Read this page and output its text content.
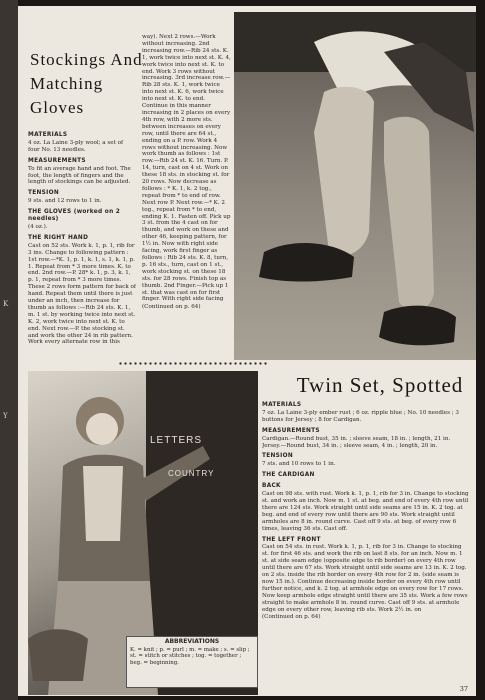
K
Y
Stockings And Matching Gloves
MATERIALS

4 oz. La Laine 3-ply wool; a set of four No. 13 needles.

MEASUREMENTS

To fit an average hand and foot. The foot, the length of fingers and the length of stockings can be adjusted.

TENSION

9 sts. and 12 rows to 1 in.

THE GLOVES (worked on 2 needles)

(4 oz.).

THE RIGHT HAND

Cast on 52 sts. Work k. 1, p. 1, rib for 3 ins. Change to following pattern : 1st row.—*K. 1, p. 1, k. 1, s. 1, k. 1, p. 1. Repeat from * 3 more times. K. to end. 2nd row.—P. 28* k. 1, p. 3, k. 1, p. 1, repeat from * 3 more times. These 2 rows form pattern for back of hand. Repeat them until there is just under an inch, then increase for thumb as follows :—Rib 24 sts. K. 1, m. 1 st. by working twice into next st. K. 2, work twice into next st. K. to end. Next row.—P. the stocking st. and work the other 24 in rib pattern. Work every alternate row in this

way). Next 2 rows.—Work without increasing. 2nd increasing row.—Rib 24 sts. K. 1, work twice into next st. K. 4, work twice into next st. K. to end. Work 3 rows without increasing. 3rd increase row.—Rib 28 sts. K. 1, work twice into next st. K. 6, work twice into next st. K. to end. Continue in this manner increasing in 2 places on every 4th row, with 2 more sts. between increases on every row, until there are 64 st., ending on a P. row. Work 4 rows without increasing. Now work thumb as follows : 1st row.—Rib 24 st. K. 16. Turn. P. 14, turn, cast on 4 st. Work on these 18 sts. in stocking st. for 20 rows. Now decrease as follows : * K. 1, k. 2 tog., repeat from * to end of row. Next row P. Next row.—* K. 2 tog., repeat from * to end, ending K. 1. Fasten off. Pick up 3 st. from the 4 cast on for thumb, and work on these and other 46, keeping pattern, for 1½ in. Now with right side facing, work first finger as follows : Rib 24 sts. K. 8, turn, p. 16 sts., turn, cast on 1 st., work stocking st. on these 18 sts. for 28 rows. Finish top as thumb. 2nd Finger.—Pick up 1 st. that was cast on for first finger. With right side facing

(Continued on p. 64)

LETTERS
COUNTRY
ABBREVIATIONS
K. = knit ; p. = purl ; m. = make ; s. = slip ; st. = stitch or stitches ; tog. = together ; beg. = beginning.
Twin Set, Spotted
MATERIALS

7 oz. La Laine 3-ply ember rust ; 6 oz. ripple blue ; No. 10 needles ; 3 buttons for Jersey ; 8 for Cardigan.

MEASUREMENTS

Cardigan.—Round bust, 35 in. ; sleeve seam, 18 in. ; length, 21 in. Jersey.—Round bust, 34 in. ; sleeve seam, 4 in. ; length, 20 in.

TENSION

7 sts. and 10 rows to 1 in.

THE CARDIGAN
BACK

Cast on 98 sts. with rust. Work k. 1, p. 1, rib for 3 in. Change to stocking st. and work an inch. Now m. 1 st. at beg. and end of every 4th row until there are 124 sts. Work straight until side seams are 15 in. K. 2 tog. at beg. and end of every row until there are 90 sts. Work straight until armholes are 8 in. round curve. Cast off 9 sts. at beg. of every row 6 times, leaving 36 sts. Cast off.

THE LEFT FRONT

Cast on 54 sts. in rust. Work k. 1, p. 1, rib for 3 in. Change to stocking st. for first 46 sts. and work the rib on last 8 sts. for an inch. Now m. 1 st. at side seam edge (opposite edge to rib border) on every 4th row until there are 67 sts. Work straight until side seams are 13 in. K. 2 tog. on 2 sts. inside the rib border on every 4th row for 2 in. (side seam is now 15 in.). Continue decreasing inside border on every 4th row until further notice, and k. 2 tog. at armhole edge on every row for 17 rows. Now keep armhole edge straight until there are 35 sts. Work a few rows straight to make armhole 8 in. round curve. Cast off 9 sts. at armhole edge on every other row, leaving rib sts. Work 2½ in. on

(Continued on p. 64)

37
